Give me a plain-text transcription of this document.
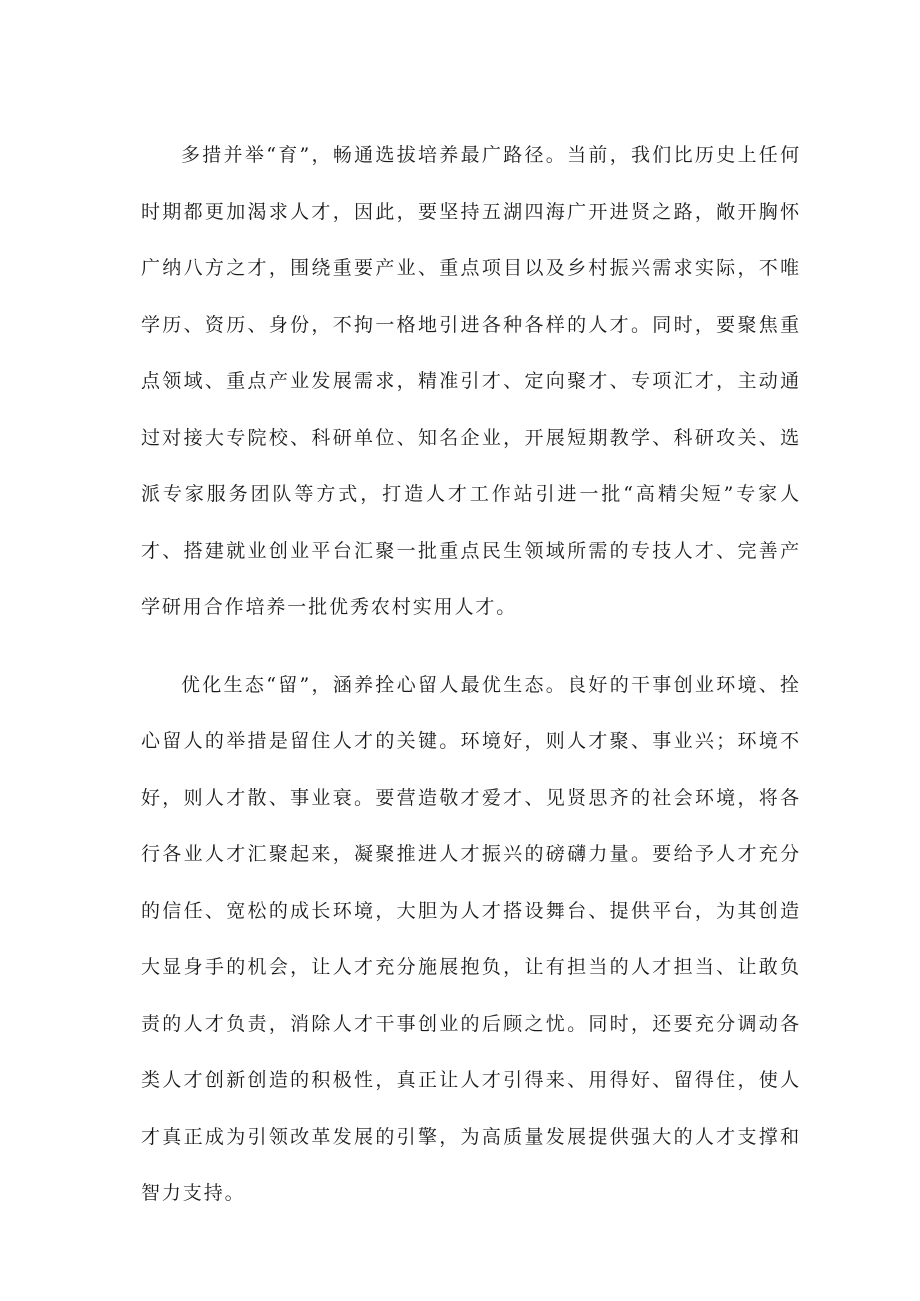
多措并举“育”，畅通选拔培养最广路径。当前，我们比历史上任何时期都更加渴求人才，因此，要坚持五湖四海广开进贤之路，敞开胸怀广纳八方之才，围绕重要产业、重点项目以及乡村振兴需求实际，不唯学历、资历、身份，不拘一格地引进各种各样的人才。同时，要聚焦重点领域、重点产业发展需求，精准引才、定向聚才、专项汇才，主动通过对接大专院校、科研单位、知名企业，开展短期教学、科研攻关、选派专家服务团队等方式，打造人才工作站引进一批“高精尖短”专家人才、搭建就业创业平台汇聚一批重点民生领域所需的专技人才、完善产学研用合作培养一批优秀农村实用人才。

优化生态“留”，涵养拴心留人最优生态。良好的干事创业环境、拴心留人的举措是留住人才的关键。环境好，则人才聚、事业兴；环境不好，则人才散、事业衰。要营造敬才爱才、见贤思齐的社会环境，将各行各业人才汇聚起来，凝聚推进人才振兴的磅礴力量。要给予人才充分的信任、宽松的成长环境，大胆为人才搭设舞台、提供平台，为其创造大显身手的机会，让人才充分施展抱负，让有担当的人才担当、让敢负责的人才负责，消除人才干事创业的后顾之忧。同时，还要充分调动各类人才创新创造的积极性，真正让人才引得来、用得好、留得住，使人才真正成为引领改革发展的引擎，为高质量发展提供强大的人才支撑和智力支持。
